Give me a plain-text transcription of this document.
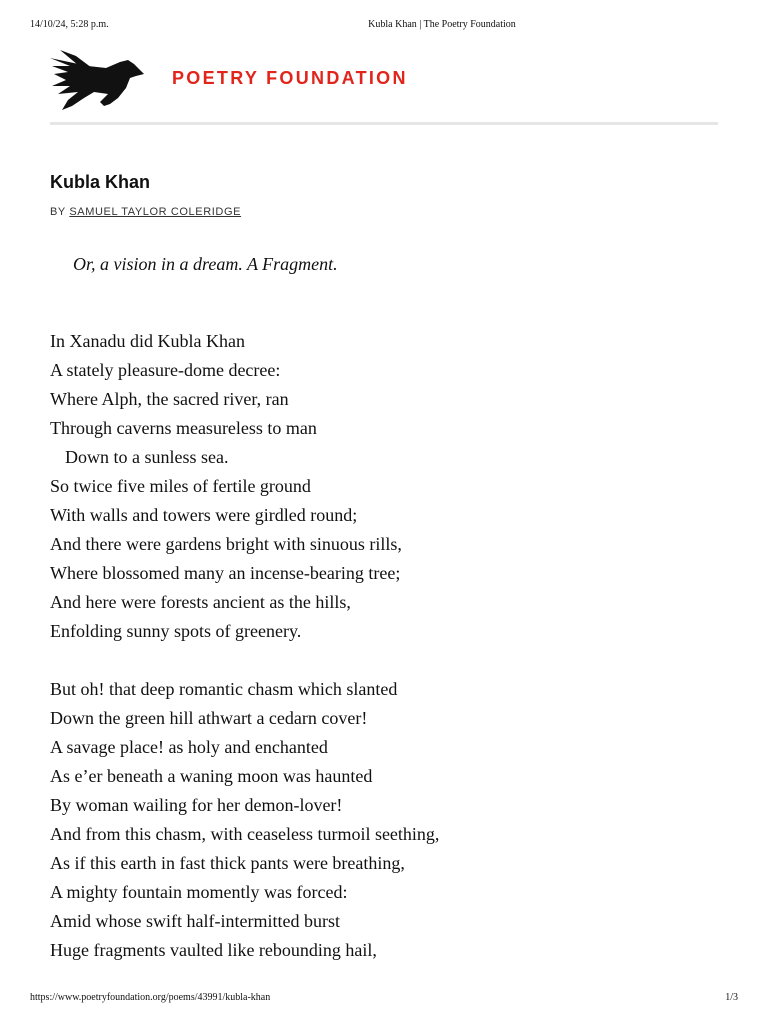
14/10/24, 5:28 p.m.	Kubla Khan | The Poetry Foundation
POETRY FOUNDATION
Kubla Khan
BY SAMUEL TAYLOR COLERIDGE
Or, a vision in a dream. A Fragment.
In Xanadu did Kubla Khan
A stately pleasure-dome decree:
Where Alph, the sacred river, ran
Through caverns measureless to man
Down to a sunless sea.
So twice five miles of fertile ground
With walls and towers were girdled round;
And there were gardens bright with sinuous rills,
Where blossomed many an incense-bearing tree;
And here were forests ancient as the hills,
Enfolding sunny spots of greenery.
But oh! that deep romantic chasm which slanted
Down the green hill athwart a cedarn cover!
A savage place! as holy and enchanted
As e’er beneath a waning moon was haunted
By woman wailing for her demon-lover!
And from this chasm, with ceaseless turmoil seething,
As if this earth in fast thick pants were breathing,
A mighty fountain momently was forced:
Amid whose swift half-intermitted burst
Huge fragments vaulted like rebounding hail,
https://www.poetryfoundation.org/poems/43991/kubla-khan	1/3
